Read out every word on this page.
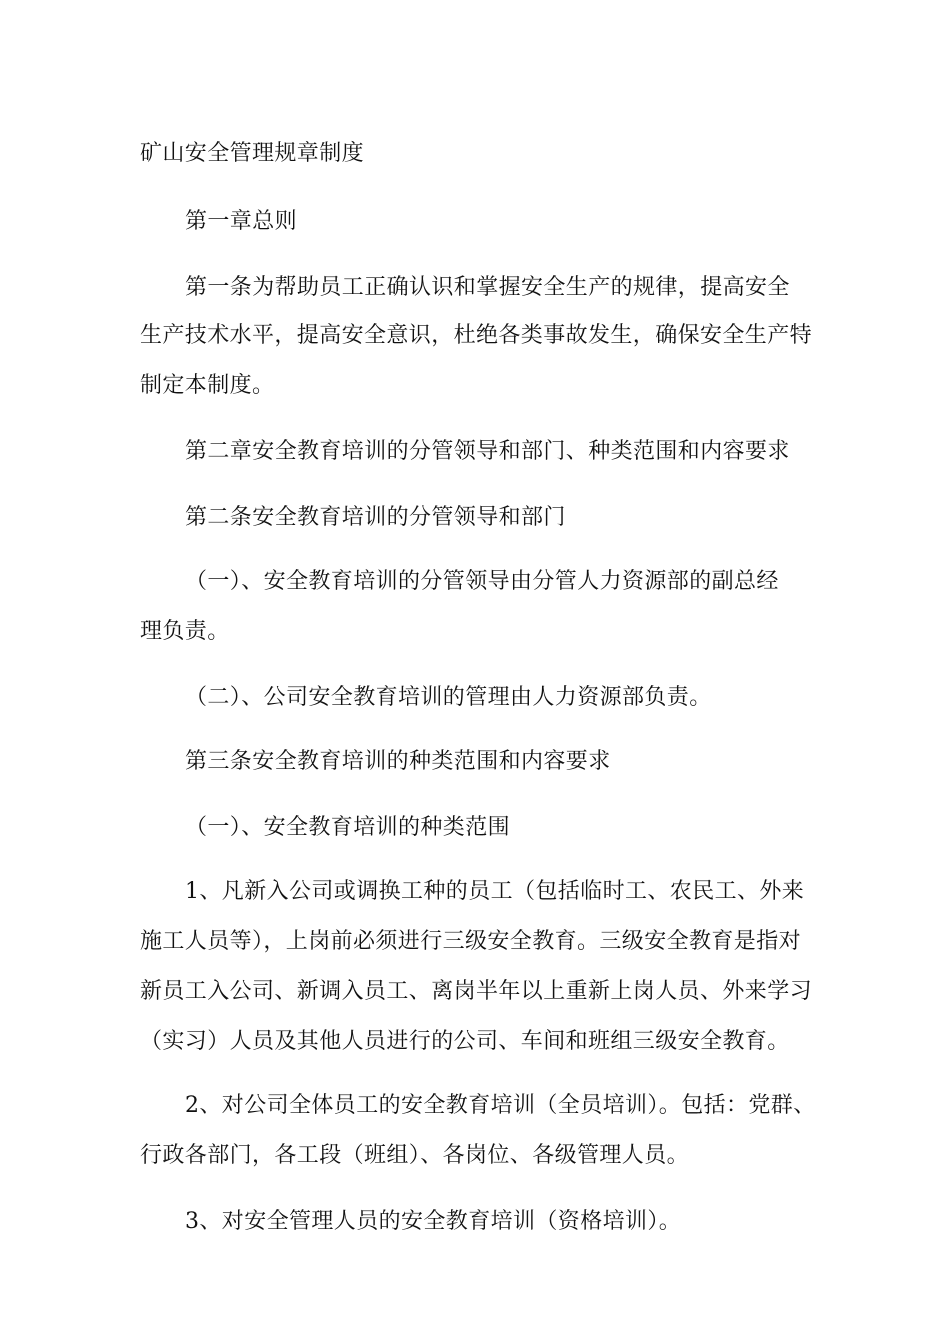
矿山安全管理规章制度
第一章总则
第一条为帮助员工正确认识和掌握安全生产的规律，提高安全
生产技术水平，提高安全意识，杜绝各类事故发生，确保安全生产特
制定本制度。
第二章安全教育培训的分管领导和部门、种类范围和内容要求
第二条安全教育培训的分管领导和部门
（一）、安全教育培训的分管领导由分管人力资源部的副总经
理负责。
（二）、公司安全教育培训的管理由人力资源部负责。
第三条安全教育培训的种类范围和内容要求
（一）、安全教育培训的种类范围
1、凡新入公司或调换工种的员工（包括临时工、农民工、外来
施工人员等），上岗前必须进行三级安全教育。三级安全教育是指对
新员工入公司、新调入员工、离岗半年以上重新上岗人员、外来学习
（实习）人员及其他人员进行的公司、车间和班组三级安全教育。
2、对公司全体员工的安全教育培训（全员培训）。包括：党群、
行政各部门，各工段（班组）、各岗位、各级管理人员。
3、对安全管理人员的安全教育培训（资格培训）。
